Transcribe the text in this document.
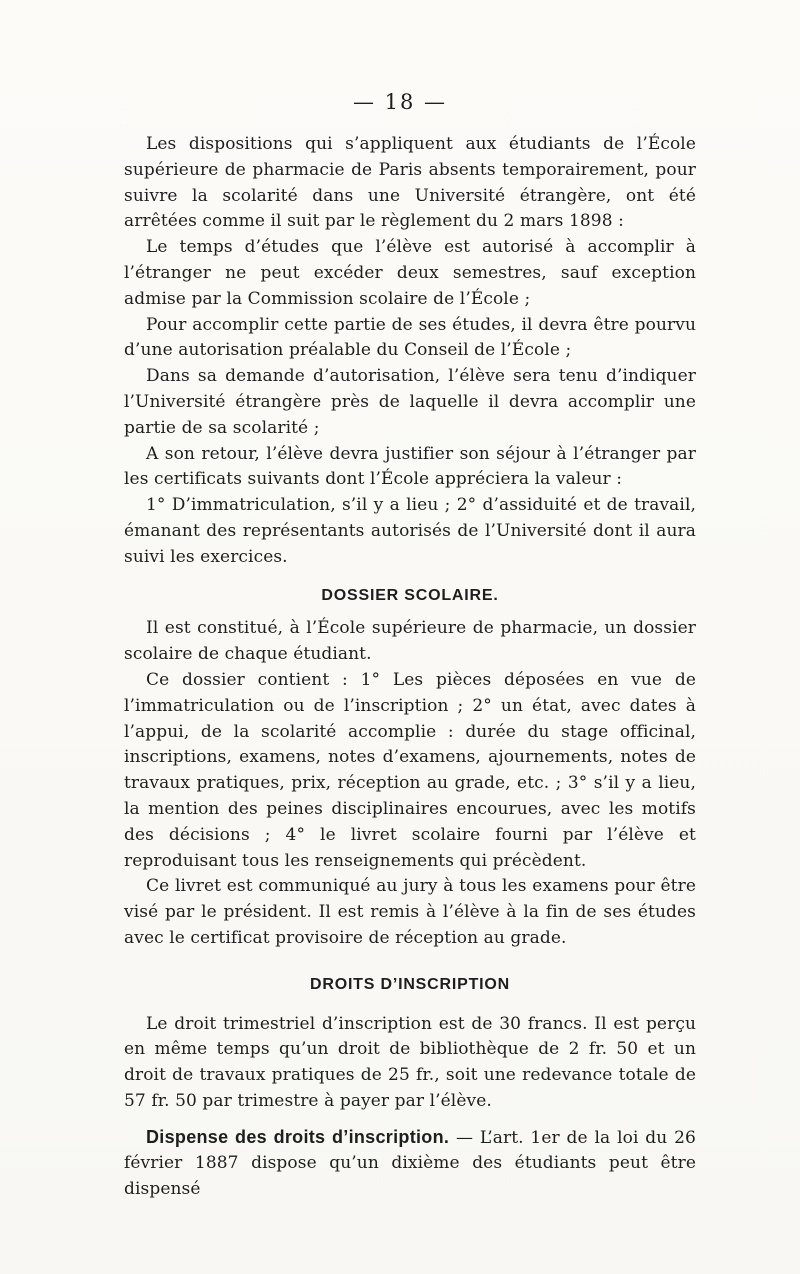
— 18 —

Les dispositions qui s’appliquent aux étudiants de l’École supérieure de pharmacie de Paris absents temporairement, pour suivre la scolarité dans une Université étrangère, ont été arrêtées comme il suit par le règlement du 2 mars 1898 :

Le temps d’études que l’élève est autorisé à accomplir à l’étranger ne peut excéder deux semestres, sauf exception admise par la Commission scolaire de l’École ;

Pour accomplir cette partie de ses études, il devra être pourvu d’une autorisation préalable du Conseil de l’École ;

Dans sa demande d’autorisation, l’élève sera tenu d’indiquer l’Université étrangère près de laquelle il devra accomplir une partie de sa scolarité ;

A son retour, l’élève devra justifier son séjour à l’étranger par les certificats suivants dont l’École appréciera la valeur :

1° D’immatriculation, s’il y a lieu ; 2° d’assiduité et de travail, émanant des représentants autorisés de l’Université dont il aura suivi les exercices.

DOSSIER SCOLAIRE.

Il est constitué, à l’École supérieure de pharmacie, un dossier scolaire de chaque étudiant.

Ce dossier contient : 1° Les pièces déposées en vue de l’immatriculation ou de l’inscription ; 2° un état, avec dates à l’appui, de la scolarité accomplie : durée du stage officinal, inscriptions, examens, notes d’examens, ajournements, notes de travaux pratiques, prix, réception au grade, etc. ; 3° s’il y a lieu, la mention des peines disciplinaires encourues, avec les motifs des décisions ; 4° le livret scolaire fourni par l’élève et reproduisant tous les renseignements qui précèdent.

Ce livret est communiqué au jury à tous les examens pour être visé par le président. Il est remis à l’élève à la fin de ses études avec le certificat provisoire de réception au grade.

DROITS D’INSCRIPTION

Le droit trimestriel d’inscription est de 30 francs. Il est perçu en même temps qu’un droit de bibliothèque de 2 fr. 50 et un droit de travaux pratiques de 25 fr., soit une redevance totale de 57 fr. 50 par trimestre à payer par l’élève.

Dispense des droits d’inscription. — L’art. 1er de la loi du 26 février 1887 dispose qu’un dixième des étudiants peut être dispensé
